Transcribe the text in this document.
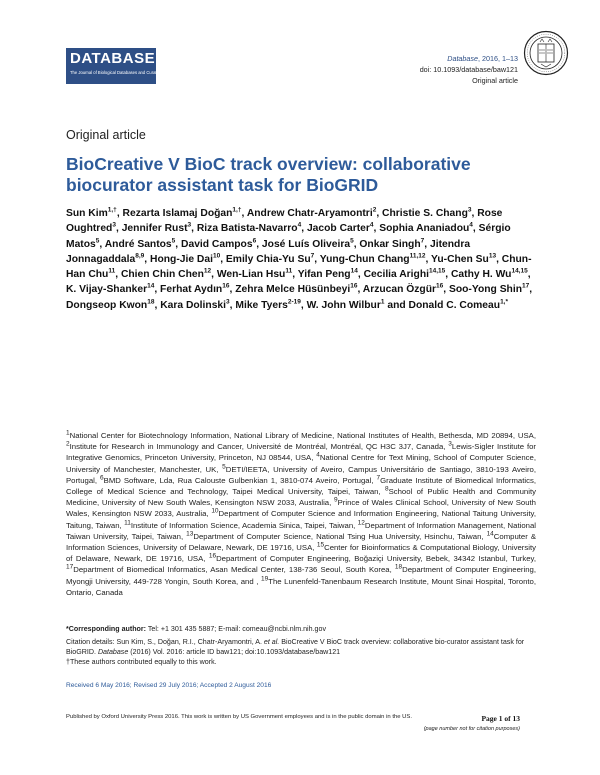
DATABASE
The Journal of Biological Databases and Curation
Database, 2016, 1–13
doi: 10.1093/database/baw121
Original article
Original article
BioCreative V BioC track overview: collaborative biocurator assistant task for BioGRID
Sun Kim$^{1,\dagger}$, Rezarta Islamaj Doğan$^{1,\dagger}$, Andrew Chatr-Aryamontri$^2$, Christie S. Chang$^3$, Rose Oughtred$^3$, Jennifer Rust$^3$, Riza Batista-Navarro$^4$, Jacob Carter$^4$, Sophia Ananiadou$^4$, Sérgio Matos$^5$, André Santos$^5$, David Campos$^6$, José Luís Oliveira$^5$, Onkar Singh$^7$, Jitendra Jonnagaddala$^{8,9}$, Hong-Jie Dai$^{10}$, Emily Chia-Yu Su$^7$, Yung-Chun Chang$^{11,12}$, Yu-Chen Su$^{13}$, Chun-Han Chu$^{11}$, Chien Chin Chen$^{12}$, Wen-Lian Hsu$^{11}$, Yifan Peng$^{14}$, Cecilia Arighi$^{14,15}$, Cathy H. Wu$^{14,15}$, K. Vijay-Shanker$^{14}$, Ferhat Aydın$^{16}$, Zehra Melce Hüsünbeyi$^{16}$, Arzucan Özgür$^{16}$, Soo-Yong Shin$^{17}$, Dongseop Kwon$^{18}$, Kara Dolinski$^3$, Mike Tyers$^{2-19}$, W. John Wilbur$^1$ and Donald C. Comeau$^{1,*}$
$^1$National Center for Biotechnology Information, National Library of Medicine, National Institutes of Health, Bethesda, MD 20894, USA, $^2$Institute for Research in Immunology and Cancer, Université de Montréal, Montréal, QC H3C 3J7, Canada, $^3$Lewis-Sigler Institute for Integrative Genomics, Princeton University, Princeton, NJ 08544, USA, $^4$National Centre for Text Mining, School of Computer Science, University of Manchester, Manchester, UK, $^5$DETI/IEETA, University of Aveiro, Campus Universitário de Santiago, 3810-193 Aveiro, Portugal, $^6$BMD Software, Lda, Rua Calouste Gulbenkian 1, 3810-074 Aveiro, Portugal, $^7$Graduate Institute of Biomedical Informatics, College of Medical Science and Technology, Taipei Medical University, Taipei, Taiwan, $^8$School of Public Health and Community Medicine, University of New South Wales, Kensington NSW 2033, Australia, $^9$Prince of Wales Clinical School, University of New South Wales, Kensington NSW 2033, Australia, $^{10}$Department of Computer Science and Information Engineering, National Taitung University, Taitung, Taiwan, $^{11}$Institute of Information Science, Academia Sinica, Taipei, Taiwan, $^{12}$Department of Information Management, National Taiwan University, Taipei, Taiwan, $^{13}$Department of Computer Science, National Tsing Hua University, Hsinchu, Taiwan, $^{14}$Computer & Information Sciences, University of Delaware, Newark, DE 19716, USA, $^{15}$Center for Bioinformatics & Computational Biology, University of Delaware, Newark, DE 19716, USA, $^{16}$Department of Computer Engineering, Boğaziçi University, Bebek, 34342 Istanbul, Turkey, $^{17}$Department of Biomedical Informatics, Asan Medical Center, 138-736 Seoul, South Korea, $^{18}$Department of Computer Engineering, Myongji University, 449-728 Yongin, South Korea, and , $^{19}$The Lunenfeld-Tanenbaum Research Institute, Mount Sinai Hospital, Toronto, Ontario, Canada
*Corresponding author: Tel: +1 301 435 5887; E-mail: comeau@ncbi.nlm.nih.gov
Citation details: Sun Kim, S., Doğan, R.I., Chatr-Aryamontri, A. et al. BioCreative V BioC track overview: collaborative bio-curator assistant task for BioGRID. Database (2016) Vol. 2016: article ID baw121; doi:10.1093/database/baw121
†These authors contributed equally to this work.
Received 6 May 2016; Revised 29 July 2016; Accepted 2 August 2016
Published by Oxford University Press 2016. This work is written by US Government employees and is in the public domain in the US.	Page 1 of 13
(page number not for citation purposes)
